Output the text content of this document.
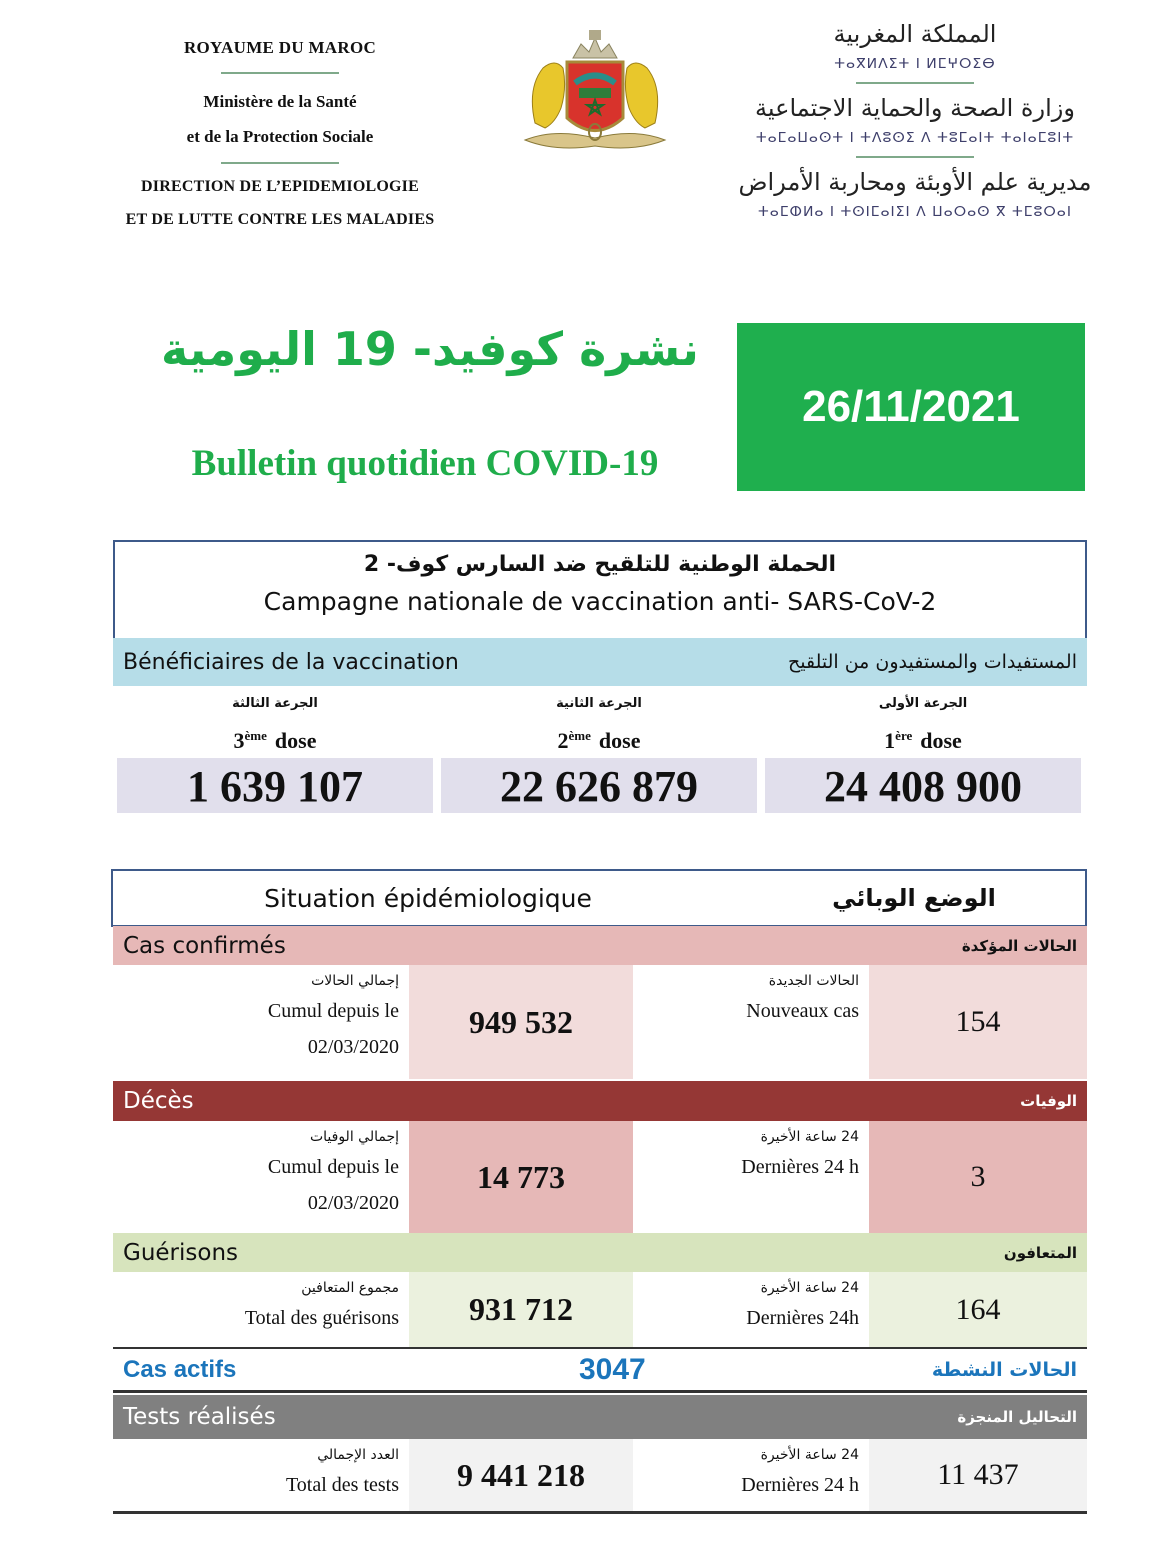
ROYAUME DU MAROC
Ministère de la Santé
et de la Protection Sociale
DIRECTION DE L’EPIDEMIOLOGIE
ET DE LUTTE CONTRE LES MALADIES
المملكة المغربية
ⵜⴰⴳⵍⴷⵉⵜ ⵏ ⵍⵎⵖⵔⵉⴱ
وزارة الصحة والحماية الاجتماعية
ⵜⴰⵎⴰⵡⴰⵙⵜ ⵏ ⵜⴷⵓⵙⵉ ⴷ ⵜⵓⵎⴰⵏⵜ ⵜⴰⵏⴰⵎⵓⵏⵜ
مديرية علم الأوبئة ومحاربة الأمراض
ⵜⴰⵎⵀⵍⴰ ⵏ ⵜⵙⵏⵎⴰⵏⵉⵏ ⴷ ⵡⴰⵔⴰⵙ ⴳ ⵜⵎⵓⵔⴰⵏ
نشرة كوفيد- 19 اليومية
Bulletin quotidien COVID-19
26/11/2021
الحملة الوطنية للتلقيح ضد السارس كوف- 2
Campagne nationale de vaccination anti- SARS-CoV-2
Bénéficiaires de la vaccination	المستفيدات والمستفيدون من التلقيح
الجرعة الثالثة
3ème dose
1 639 107
الجرعة الثانية
2ème dose
22 626 879
الجرعة الأولى
1ère dose
24 408 900
Situation épidémiologique	الوضع الوبائي
Cas confirmés	الحالات المؤكدة
إجمالي الحالات
Cumul depuis le
02/03/2020
949 532
الحالات الجديدة
Nouveaux cas	154
Décès	الوفيات
إجمالي الوفيات
Cumul depuis le
02/03/2020
14 773
24 ساعة الأخيرة
Dernières 24 h	3
Guérisons	المتعافون
مجموع المتعافين
Total des guérisons	931 712
24 ساعة الأخيرة
Dernières 24h	164
Cas actifs	3047	الحالات النشطة
Tests réalisés	التحاليل المنجزة
العدد الإجمالي
Total des tests	9 441 218
24 ساعة الأخيرة
Dernières 24 h	11 437
